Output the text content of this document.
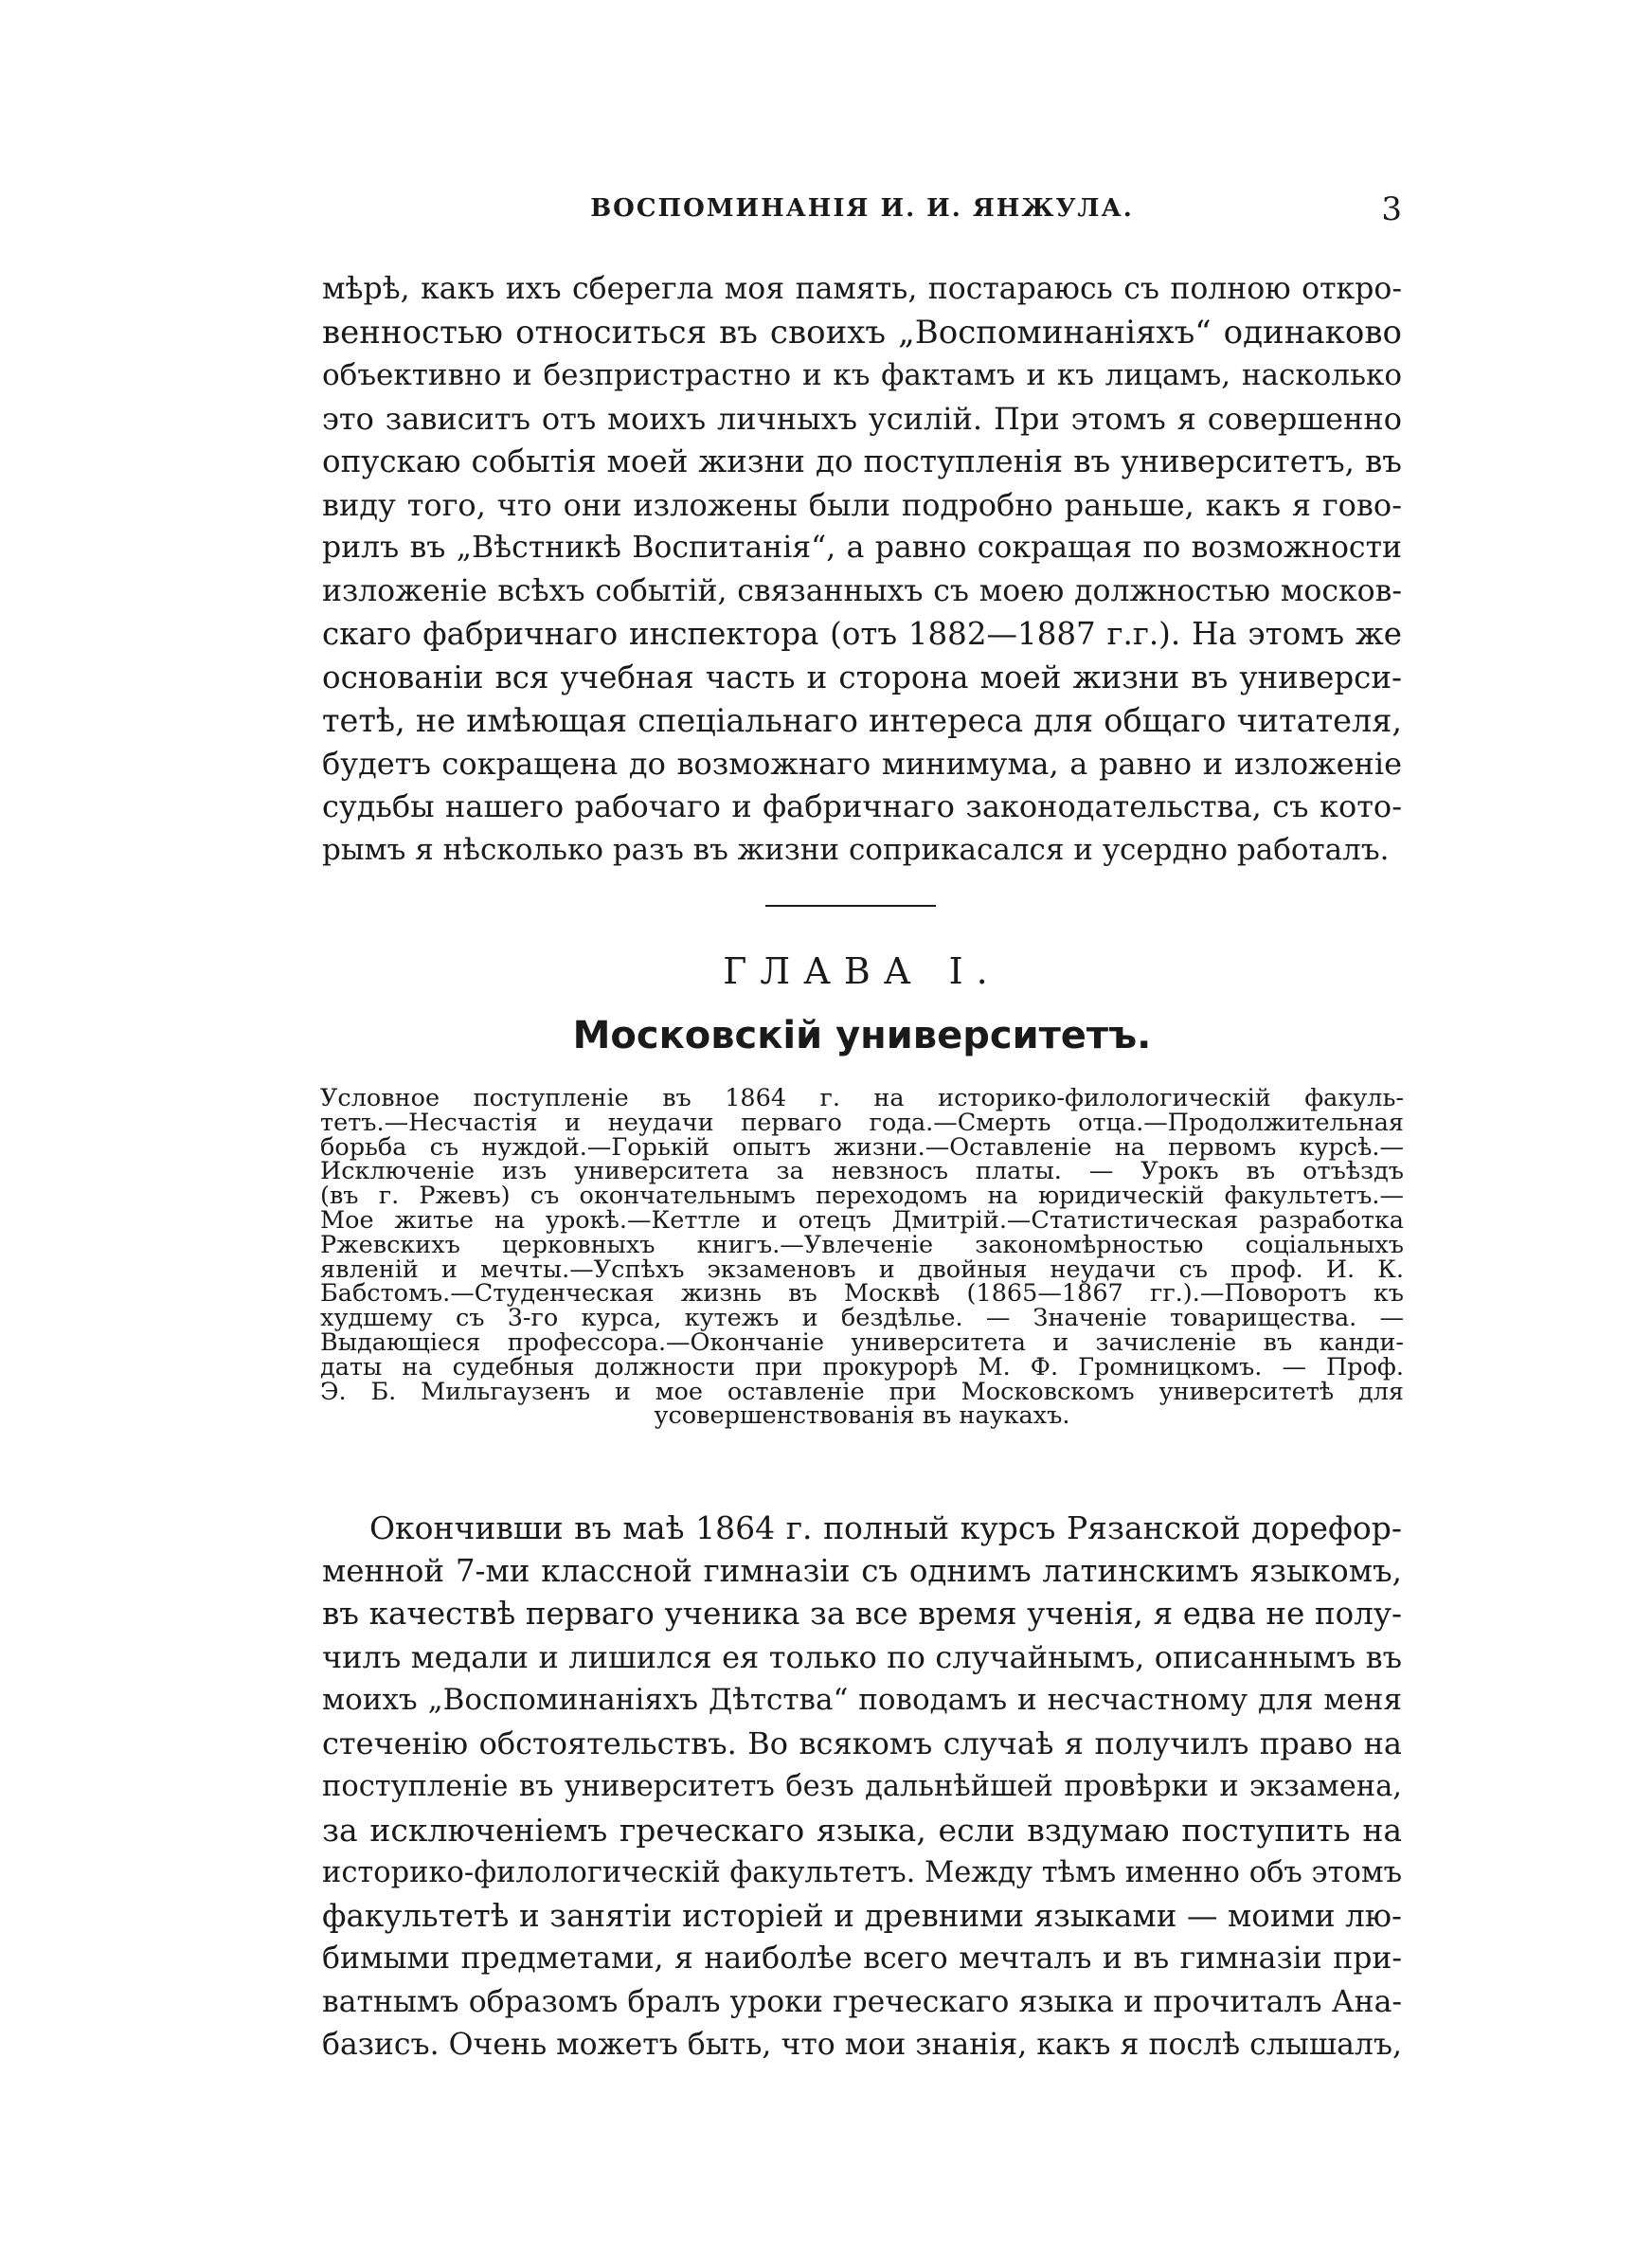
ВОСПОМИНАНІЯ И. И. ЯНЖУЛА.	3
мѣрѣ, какъ ихъ сберегла моя память, постараюсь съ полною откро-
венностью относиться въ своихъ „Воспоминаніяхъ“ одинаково
объективно и безпристрастно и къ фактамъ и къ лицамъ, насколько
это зависитъ отъ моихъ личныхъ усилій. При этомъ я совершенно
опускаю событія моей жизни до поступленія въ университетъ, въ
виду того, что они изложены были подробно раньше, какъ я гово-
рилъ въ „Вѣстникѣ Воспитанія“, а равно сокращая по возможности
изложеніе всѣхъ событій, связанныхъ съ моею должностью москов-
скаго фабричнаго инспектора (отъ 1882—1887 г.г.). На этомъ же
основаніи вся учебная часть и сторона моей жизни въ универси-
тетѣ, не имѣющая спеціальнаго интереса для общаго читателя,
будетъ сокращена до возможнаго минимума, а равно и изложеніе
судьбы нашего рабочаго и фабричнаго законодательства, съ кото-
рымъ я нѣсколько разъ въ жизни соприкасался и усердно работалъ.
ГЛАВА I.
Московскій университетъ.
Условное поступленіе въ 1864 г. на историко-филологическій факуль-
тетъ.—Несчастія и неудачи перваго года.—Смерть отца.—Продолжительная
борьба съ нуждой.—Горькій опытъ жизни.—Оставленіе на первомъ курсѣ.—
Исключеніе изъ университета за невзносъ платы. — Урокъ въ отъѣздъ
(въ г. Ржевъ) съ окончательнымъ переходомъ на юридическій факультетъ.—
Мое житье на урокѣ.—Кеттле и отецъ Дмитрій.—Статистическая разработка
Ржевскихъ церковныхъ книгъ.—Увлеченіе закономѣрностью соціальныхъ
явленій и мечты.—Успѣхъ экзаменовъ и двойныя неудачи съ проф. И. К.
Бабстомъ.—Студенческая жизнь въ Москвѣ (1865—1867 гг.).—Поворотъ къ
худшему съ 3-го курса, кутежъ и бездѣлье. — Значеніе товарищества. —
Выдающіеся профессора.—Окончаніе университета и зачисленіе въ канди-
даты на судебныя должности при прокурорѣ М. Ф. Громницкомъ. — Проф.
Э. Б. Мильгаузенъ и мое оставленіе при Московскомъ университетѣ для
усовершенствованія въ наукахъ.
Окончивши въ маѣ 1864 г. полный курсъ Рязанской дорефор-
менной 7-ми классной гимназіи съ однимъ латинскимъ языкомъ,
въ качествѣ перваго ученика за все время ученія, я едва не полу-
чилъ медали и лишился ея только по случайнымъ, описаннымъ въ
моихъ „Воспоминаніяхъ Дѣтства“ поводамъ и несчастному для меня
стеченію обстоятельствъ. Во всякомъ случаѣ я получилъ право на
поступленіе въ университетъ безъ дальнѣйшей провѣрки и экзамена,
за исключеніемъ греческаго языка, если вздумаю поступить на
историко-филологическій факультетъ. Между тѣмъ именно объ этомъ
факультетѣ и занятіи исторіей и древними языками — моими лю-
бимыми предметами, я наиболѣе всего мечталъ и въ гимназіи при-
ватнымъ образомъ бралъ уроки греческаго языка и прочиталъ Ана-
базисъ. Очень можетъ быть, что мои знанія, какъ я послѣ слышалъ,
